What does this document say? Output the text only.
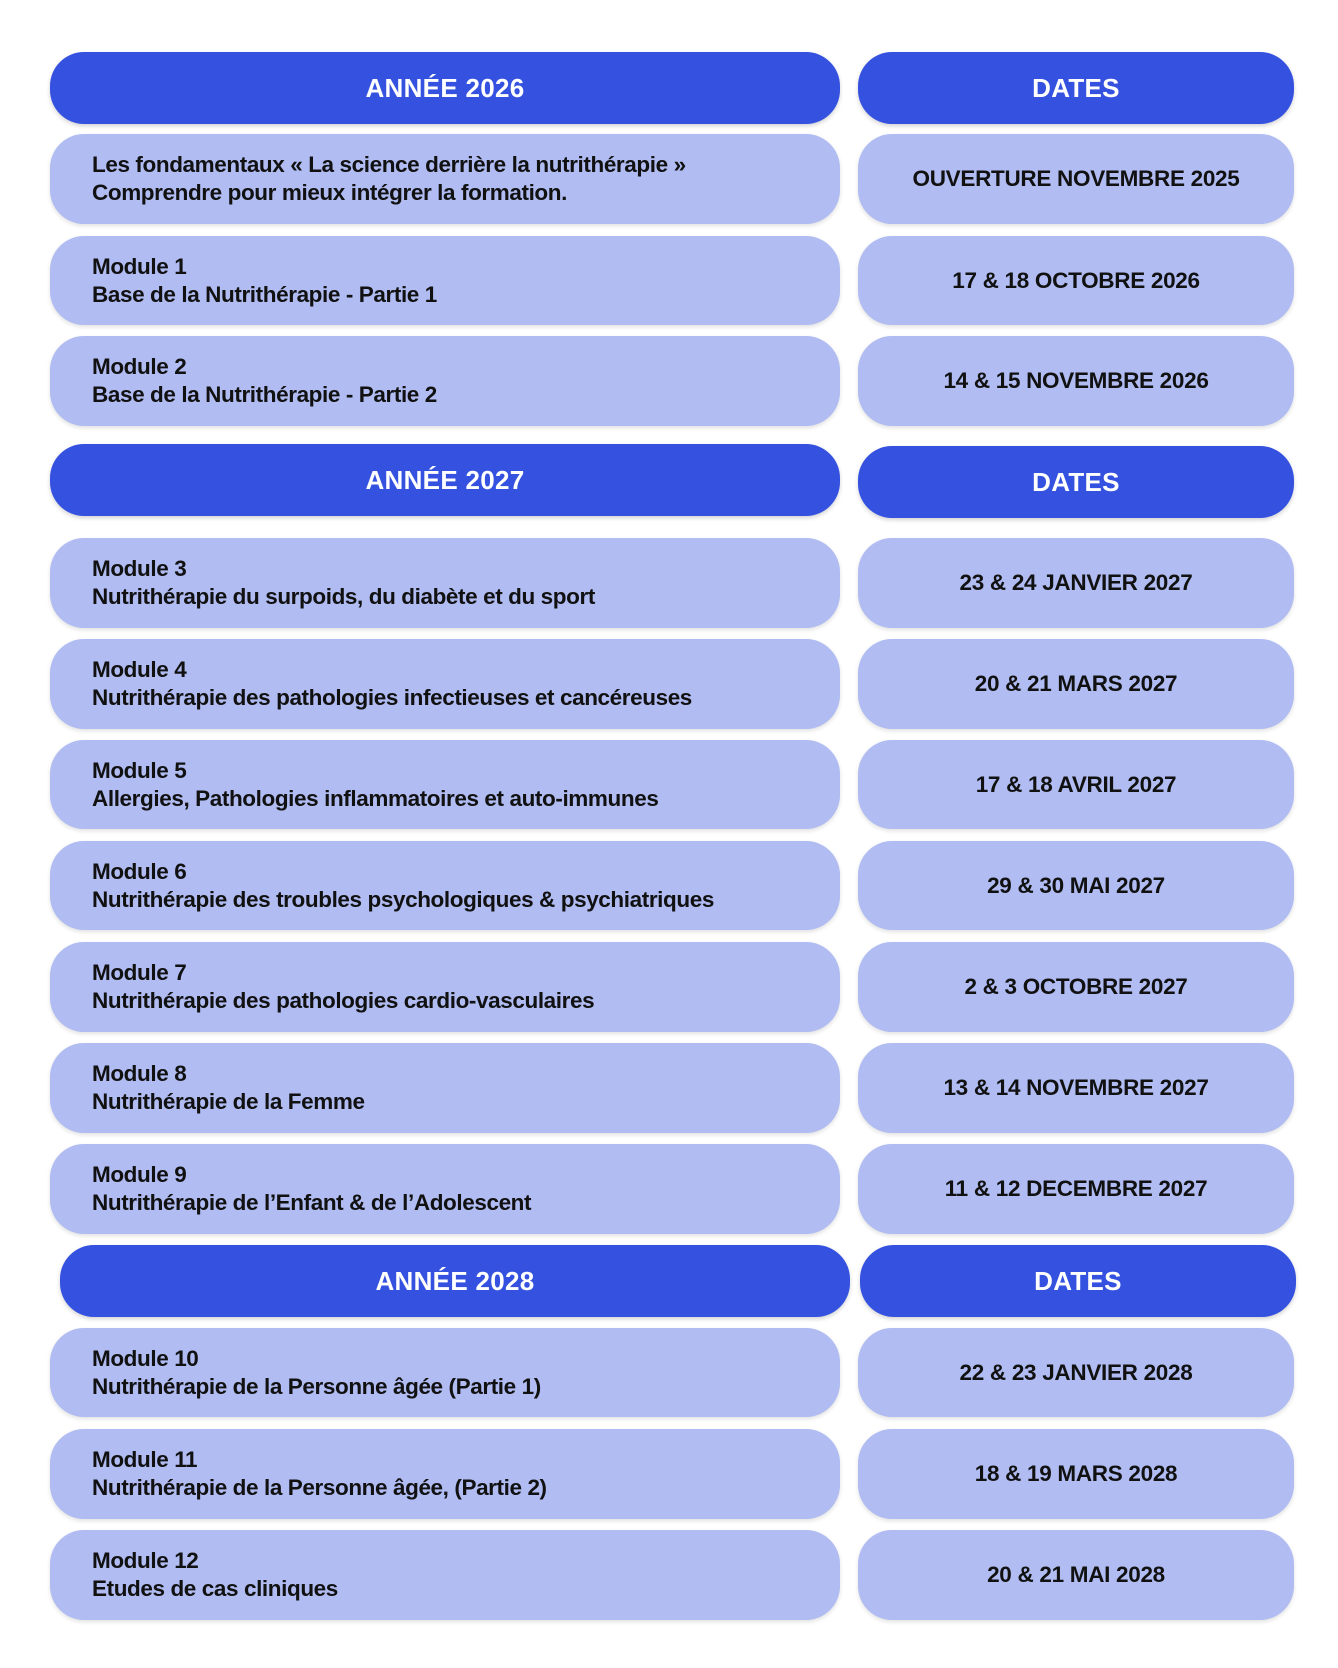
ANNÉE 2026	DATES
Les fondamentaux « La science derrière la nutrithérapie »
Comprendre pour mieux intégrer la formation.
OUVERTURE NOVEMBRE 2025
Module 1
Base de la Nutrithérapie - Partie 1
17 & 18 OCTOBRE 2026
Module 2
Base de la Nutrithérapie - Partie 2
14 & 15 NOVEMBRE 2026
ANNÉE 2027	DATES
Module 3
Nutrithérapie du surpoids, du diabète et du sport
23 & 24 JANVIER 2027
Module 4
Nutrithérapie des pathologies infectieuses et cancéreuses
20 & 21 MARS 2027
Module 5
Allergies, Pathologies inflammatoires et auto-immunes
17 & 18 AVRIL 2027
Module 6
Nutrithérapie des troubles psychologiques & psychiatriques
29 & 30 MAI 2027
Module 7
Nutrithérapie des pathologies cardio-vasculaires
2 & 3 OCTOBRE 2027
Module 8
Nutrithérapie de la Femme
13 & 14 NOVEMBRE 2027
Module 9
Nutrithérapie de l’Enfant & de l’Adolescent
11 & 12 DECEMBRE 2027
ANNÉE 2028	DATES
Module 10
Nutrithérapie de la Personne âgée (Partie 1)
22 & 23 JANVIER 2028
Module 11
Nutrithérapie de la Personne âgée, (Partie 2)
18 & 19 MARS 2028
Module 12
Etudes de cas cliniques
20 & 21 MAI 2028
